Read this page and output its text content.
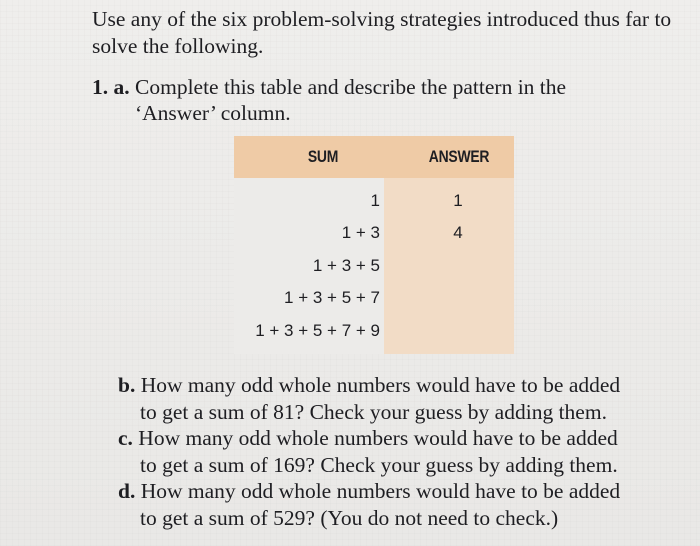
Use any of the six problem-solving strategies introduced thus far to solve the following.
1. a. Complete this table and describe the pattern in the
‘Answer’ column.
SUM	ANSWER
1	1
1 + 3	4
1 + 3 + 5
1 + 3 + 5 + 7
1 + 3 + 5 + 7 + 9
b. How many odd whole numbers would have to be added
to get a sum of 81? Check your guess by adding them.
c. How many odd whole numbers would have to be added
to get a sum of 169? Check your guess by adding them.
d. How many odd whole numbers would have to be added
to get a sum of 529? (You do not need to check.)
